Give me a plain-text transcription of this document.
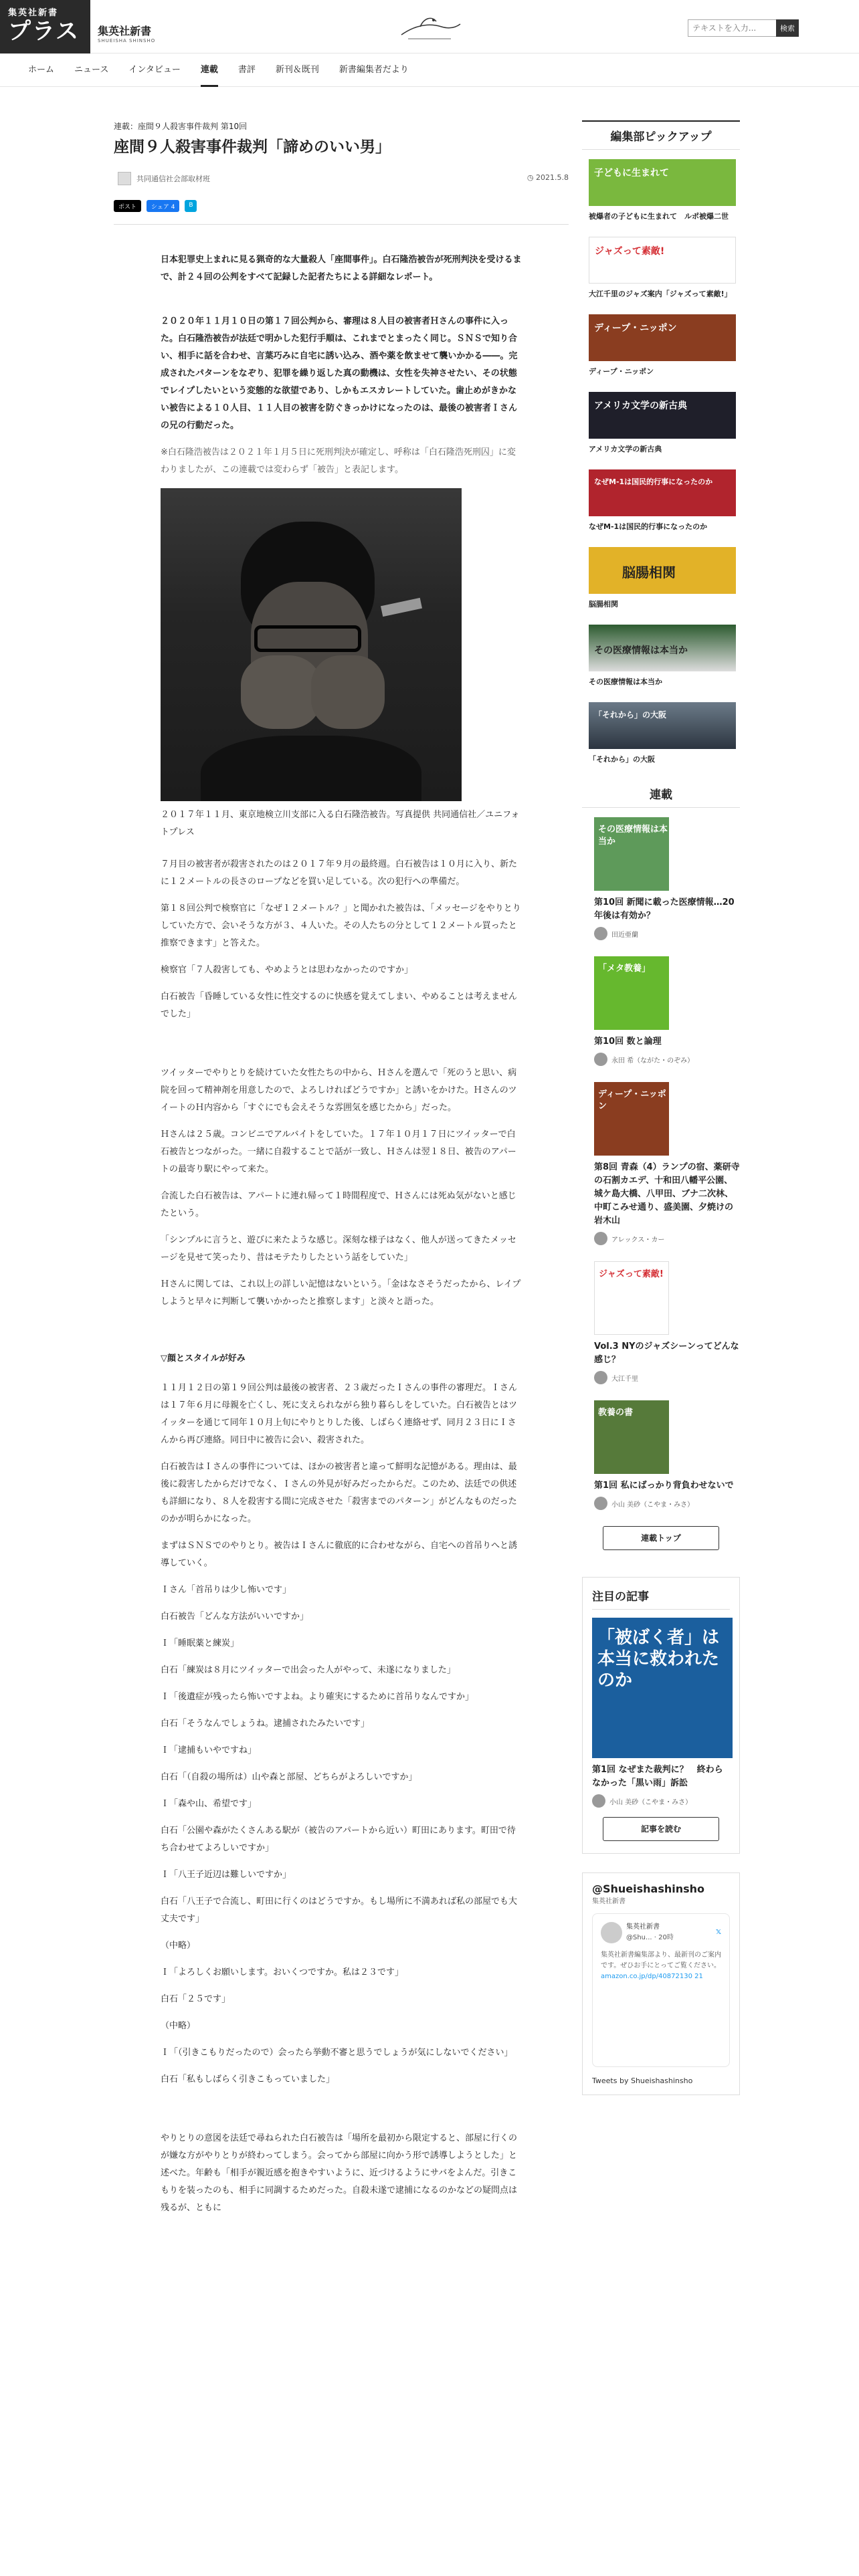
集英社新書
プラス 集英社新書
SHUEISHA SHINSHO
テキストを入力...
検索
ホーム ニュース インタビュー 連載 書評 新刊＆既刊 新書編集者だより
連載：座間９人殺害事件裁判 第10回
座間９人殺害事件裁判「諦めのいい男」
共同通信社会部取材班	◷ 2021.5.8
ポスト	シェア 4	B

日本犯罪史上まれに見る猟奇的な大量殺人「座間事件」。白石隆浩被告が死刑判決を受けるまで、計２４回の公判をすべて記録した記者たちによる詳細なレポート。

２０２０年１１月１０日の第１７回公判から、審理は８人目の被害者Ｈさんの事件に入った。白石隆浩被告が法廷で明かした犯行手順は、これまでとまったく同じ。ＳＮＳで知り合い、相手に話を合わせ、言葉巧みに自宅に誘い込み、酒や薬を飲ませて襲いかかる――。完成されたパターンをなぞり、犯罪を繰り返した真の動機は、女性を失神させたい、その状態でレイプしたいという変態的な欲望であり、しかもエスカレートしていた。歯止めがきかない被告による１０人目、１１人目の被害を防ぐきっかけになったのは、最後の被害者Ｉさんの兄の行動だった。

※白石隆浩被告は２０２１年１月５日に死刑判決が確定し、呼称は「白石隆浩死刑囚」に変わりましたが、この連載では変わらず「被告」と表記します。

２０１７年１１月、東京地検立川支部に入る白石隆浩被告。写真提供 共同通信社／ユニフォトプレス

７月目の被害者が殺害されたのは２０１７年９月の最終週。白石被告は１０月に入り、新たに１２メートルの長さのロープなどを買い足している。次の犯行への準備だ。

第１８回公判で検察官に「なぜ１２メートル？」と聞かれた被告は、「メッセージをやりとりしていた方で、会いそうな方が３、４人いた。その人たちの分として１２メートル買ったと推察できます」と答えた。

検察官「７人殺害しても、やめようとは思わなかったのですか」

白石被告「昏睡している女性に性交するのに快感を覚えてしまい、やめることは考えませんでした」

ツイッターでやりとりを続けていた女性たちの中から、Ｈさんを選んで「死のうと思い、病院を回って精神剤を用意したので、よろしければどうですか」と誘いをかけた。ＨさんのツイートのＨ内容から「すぐにでも会えそうな雰囲気を感じたから」だった。

Ｈさんは２５歳。コンビニでアルバイトをしていた。１７年１０月１７日にツイッターで白石被告とつながった。一緒に自殺することで話が一致し、Ｈさんは翌１８日、被告のアパートの最寄り駅にやって来た。

合流した白石被告は、アパートに連れ帰って１時間程度で、Ｈさんには死ぬ気がないと感じたという。

「シンプルに言うと、遊びに来たような感じ。深刻な様子はなく、他人が送ってきたメッセージを見せて笑ったり、昔はモテたりしたという話をしていた」

Ｈさんに関しては、これ以上の詳しい記憶はないという。「金はなさそうだったから、レイプしようと早々に判断して襲いかかったと推察します」と淡々と語った。

▽顔とスタイルが好み

１１月１２日の第１９回公判は最後の被害者、２３歳だったＩさんの事件の審理だ。Ｉさんは１７年６月に母親を亡くし、死に支えられながら独り暮らしをしていた。白石被告とはツイッターを通じて同年１０月上旬にやりとりした後、しばらく連絡せず、同月２３日にＩさんから再び連絡。同日中に被告に会い、殺害された。

白石被告はＩさんの事件については、ほかの被害者と違って鮮明な記憶がある。理由は、最後に殺害したからだけでなく、Ｉさんの外見が好みだったからだ。このため、法廷での供述も詳細になり、８人を殺害する間に完成させた「殺害までのパターン」がどんなものだったのかが明らかになった。

まずはＳＮＳでのやりとり。被告はＩさんに徹底的に合わせながら、自宅への首吊りへと誘導していく。

Ｉさん「首吊りは少し怖いです」

白石被告「どんな方法がいいですか」

Ｉ「睡眠薬と練炭」

白石「練炭は８月にツイッターで出会った人がやって、未遂になりました」

Ｉ「後遺症が残ったら怖いですよね。より確実にするために首吊りなんですか」

白石「そうなんでしょうね。逮捕されたみたいです」

Ｉ「逮捕もいやですね」

白石「（自殺の場所は）山や森と部屋、どちらがよろしいですか」

Ｉ「森や山、希望です」

白石「公園や森がたくさんある駅が（被告のアパートから近い）町田にあります。町田で待ち合わせてよろしいですか」

Ｉ「八王子近辺は難しいですか」

白石「八王子で合流し、町田に行くのはどうですか。もし場所に不満あれば私の部屋でも大丈夫です」

（中略）

Ｉ「よろしくお願いします。おいくつですか。私は２３です」

白石「２５です」

（中略）

Ｉ「（引きこもりだったので）会ったら挙動不審と思うでしょうが気にしないでください」

白石「私もしばらく引きこもっていました」

やりとりの意図を法廷で尋ねられた白石被告は「場所を最初から限定すると、部屋に行くのが嫌な方がやりとりが終わってしまう。会ってから部屋に向かう形で誘導しようとした」と述べた。年齢も「相手が親近感を抱きやすいように、近づけるようにサバをよんだ。引きこもりを装ったのも、相手に同調するためだった。自殺未遂で逮捕になるのかなどの疑問点は残るが、ともに

編集部ピックアップ
子どもに生まれて
被爆者の子どもに生まれて　ルポ被爆二世
ジャズって素敵!
大江千里のジャズ案内「ジャズって素敵!」
ディープ・ニッポン
ディープ・ニッポン
アメリカ文学の新古典
アメリカ文学の新古典
なぜM-1は国民的行事になったのか
なぜM-1は国民的行事になったのか
脳腸相関
脳腸相関
その医療情報は本当か
その医療情報は本当か
「それから」の大阪
「それから」の大阪
連載
その医療情報は本当か
第10回 新聞に載った医療情報…20年後は有効か？
田近亜蘭
「メタ教養」
第10回 数と論理
永田 希（ながた・のぞみ）
ディープ・ニッポン
第8回 青森（4）ランプの宿、薬研寺の石割カエデ、十和田八幡平公園、城ケ島大橋、八甲田、ブナ二次林、中町こみせ通り、盛美園、夕焼けの岩木山
アレックス・カー
ジャズって素敵!
Vol.3 NYのジャズシーンってどんな感じ？
大江千里
教養の書
第1回 私にばっかり背負わせないで
小山 美砂（こやま・みさ）
連載トップ
注目の記事
「被ばく者」は本当に救われたのか
第1回 なぜまた裁判に？　終わらなかった「黒い雨」訴訟
小山 美砂（こやま・みさ）
記事を読む
@Shueishashinsho
集英社新書
集英社新書
@Shu... · 20時
𝕏
集英社新書編集部より、最新刊のご案内です。ぜひお手にとってご覧ください。
amazon.co.jp/dp/40872130 21
Tweets by Shueishashinsho
